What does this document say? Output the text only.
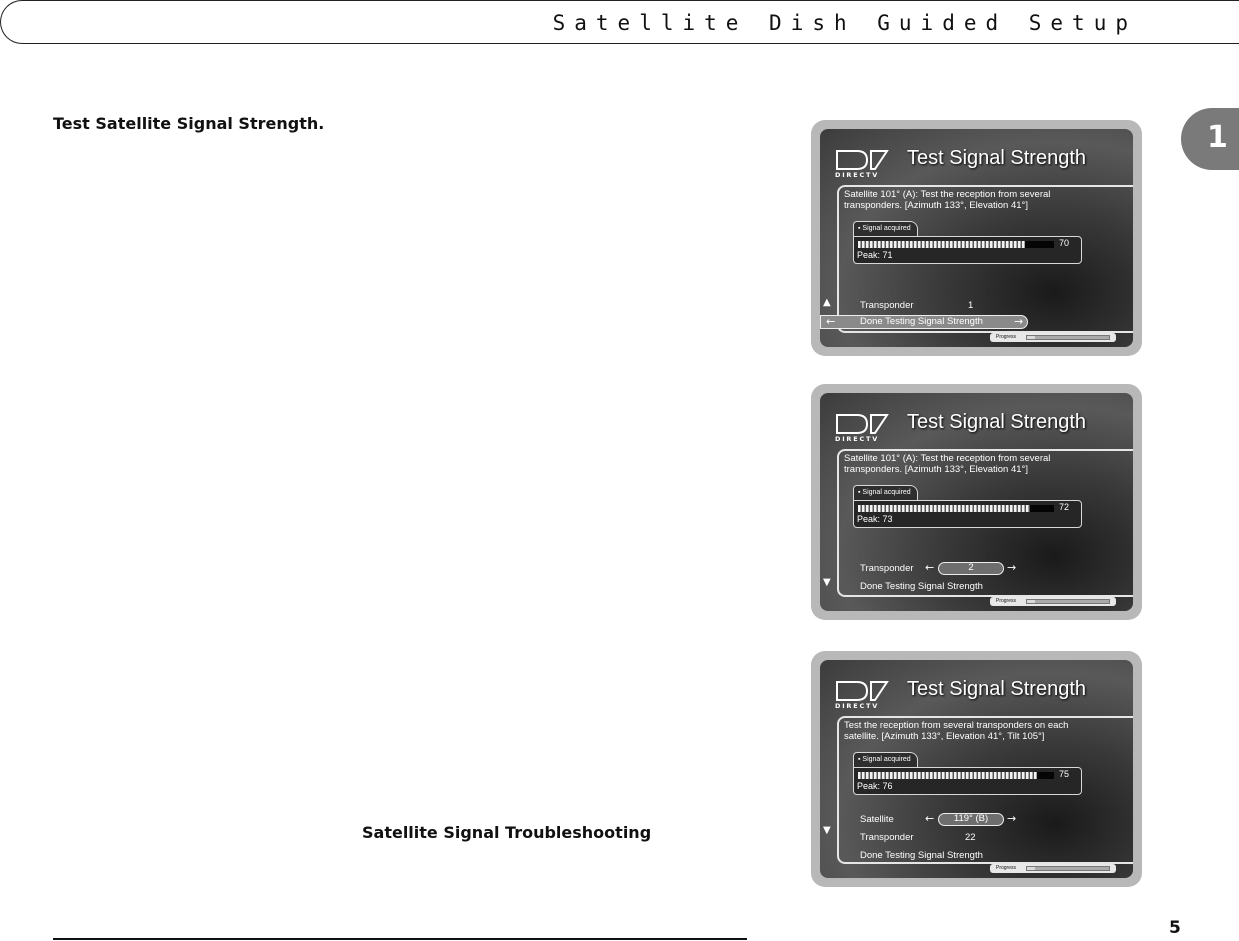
Satellite Dish Guided Setup
Test Satellite Signal Strength.	1
Satellite Signal Troubleshooting
5
DIRECTV
Test Signal Strength
Satellite 101° (A): Test the reception from several transponders. [Azimuth 133°, Elevation 41°]
▪ Signal acquired
70
Peak: 71
▲	Transponder	1
←	Done Testing Signal Strength	→
Progress
DIRECTV
Test Signal Strength
Satellite 101° (A): Test the reception from several transponders. [Azimuth 133°, Elevation 41°]
▪ Signal acquired
72
Peak: 73
Transponder ←	2	→
Done Testing Signal Strength
▼
Progress
DIRECTV
Test Signal Strength
Test the reception from several transponders on each satellite. [Azimuth 133°, Elevation 41°, Tilt 105°]
▪ Signal acquired
75
Peak: 76
Satellite	←	119° (B)	→
Transponder	22
Done Testing Signal Strength
▼
Progress
